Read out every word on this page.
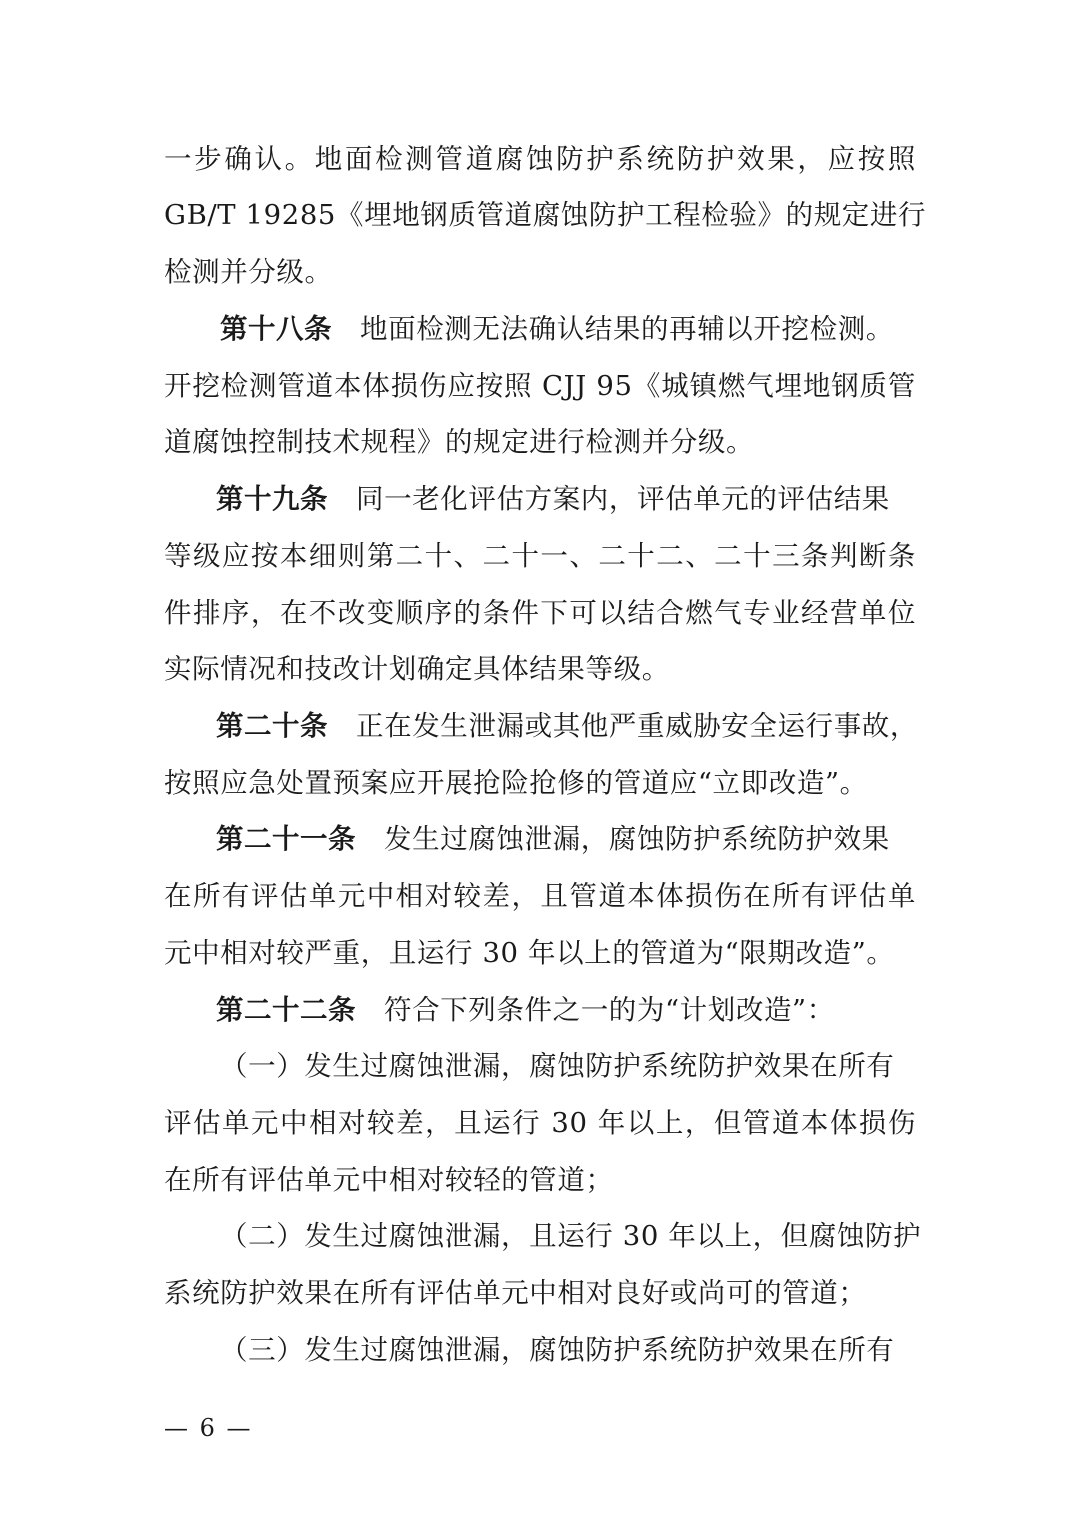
一步确认。地面检测管道腐蚀防护系统防护效果，应按照
GB/T 19285《埋地钢质管道腐蚀防护工程检验》的规定进行
检测并分级。
第十八条 地面检测无法确认结果的再辅以开挖检测。
开挖检测管道本体损伤应按照 CJJ 95《城镇燃气埋地钢质管
道腐蚀控制技术规程》的规定进行检测并分级。
第十九条 同一老化评估方案内，评估单元的评估结果
等级应按本细则第二十、二十一、二十二、二十三条判断条
件排序，在不改变顺序的条件下可以结合燃气专业经营单位
实际情况和技改计划确定具体结果等级。
第二十条 正在发生泄漏或其他严重威胁安全运行事故，
按照应急处置预案应开展抢险抢修的管道应“立即改造”。
第二十一条 发生过腐蚀泄漏，腐蚀防护系统防护效果
在所有评估单元中相对较差，且管道本体损伤在所有评估单
元中相对较严重，且运行 30 年以上的管道为“限期改造”。
第二十二条 符合下列条件之一的为“计划改造”：
（一）发生过腐蚀泄漏，腐蚀防护系统防护效果在所有
评估单元中相对较差，且运行 30 年以上，但管道本体损伤
在所有评估单元中相对较轻的管道；
（二）发生过腐蚀泄漏，且运行 30 年以上，但腐蚀防护
系统防护效果在所有评估单元中相对良好或尚可的管道；
（三）发生过腐蚀泄漏，腐蚀防护系统防护效果在所有
— 6 —
